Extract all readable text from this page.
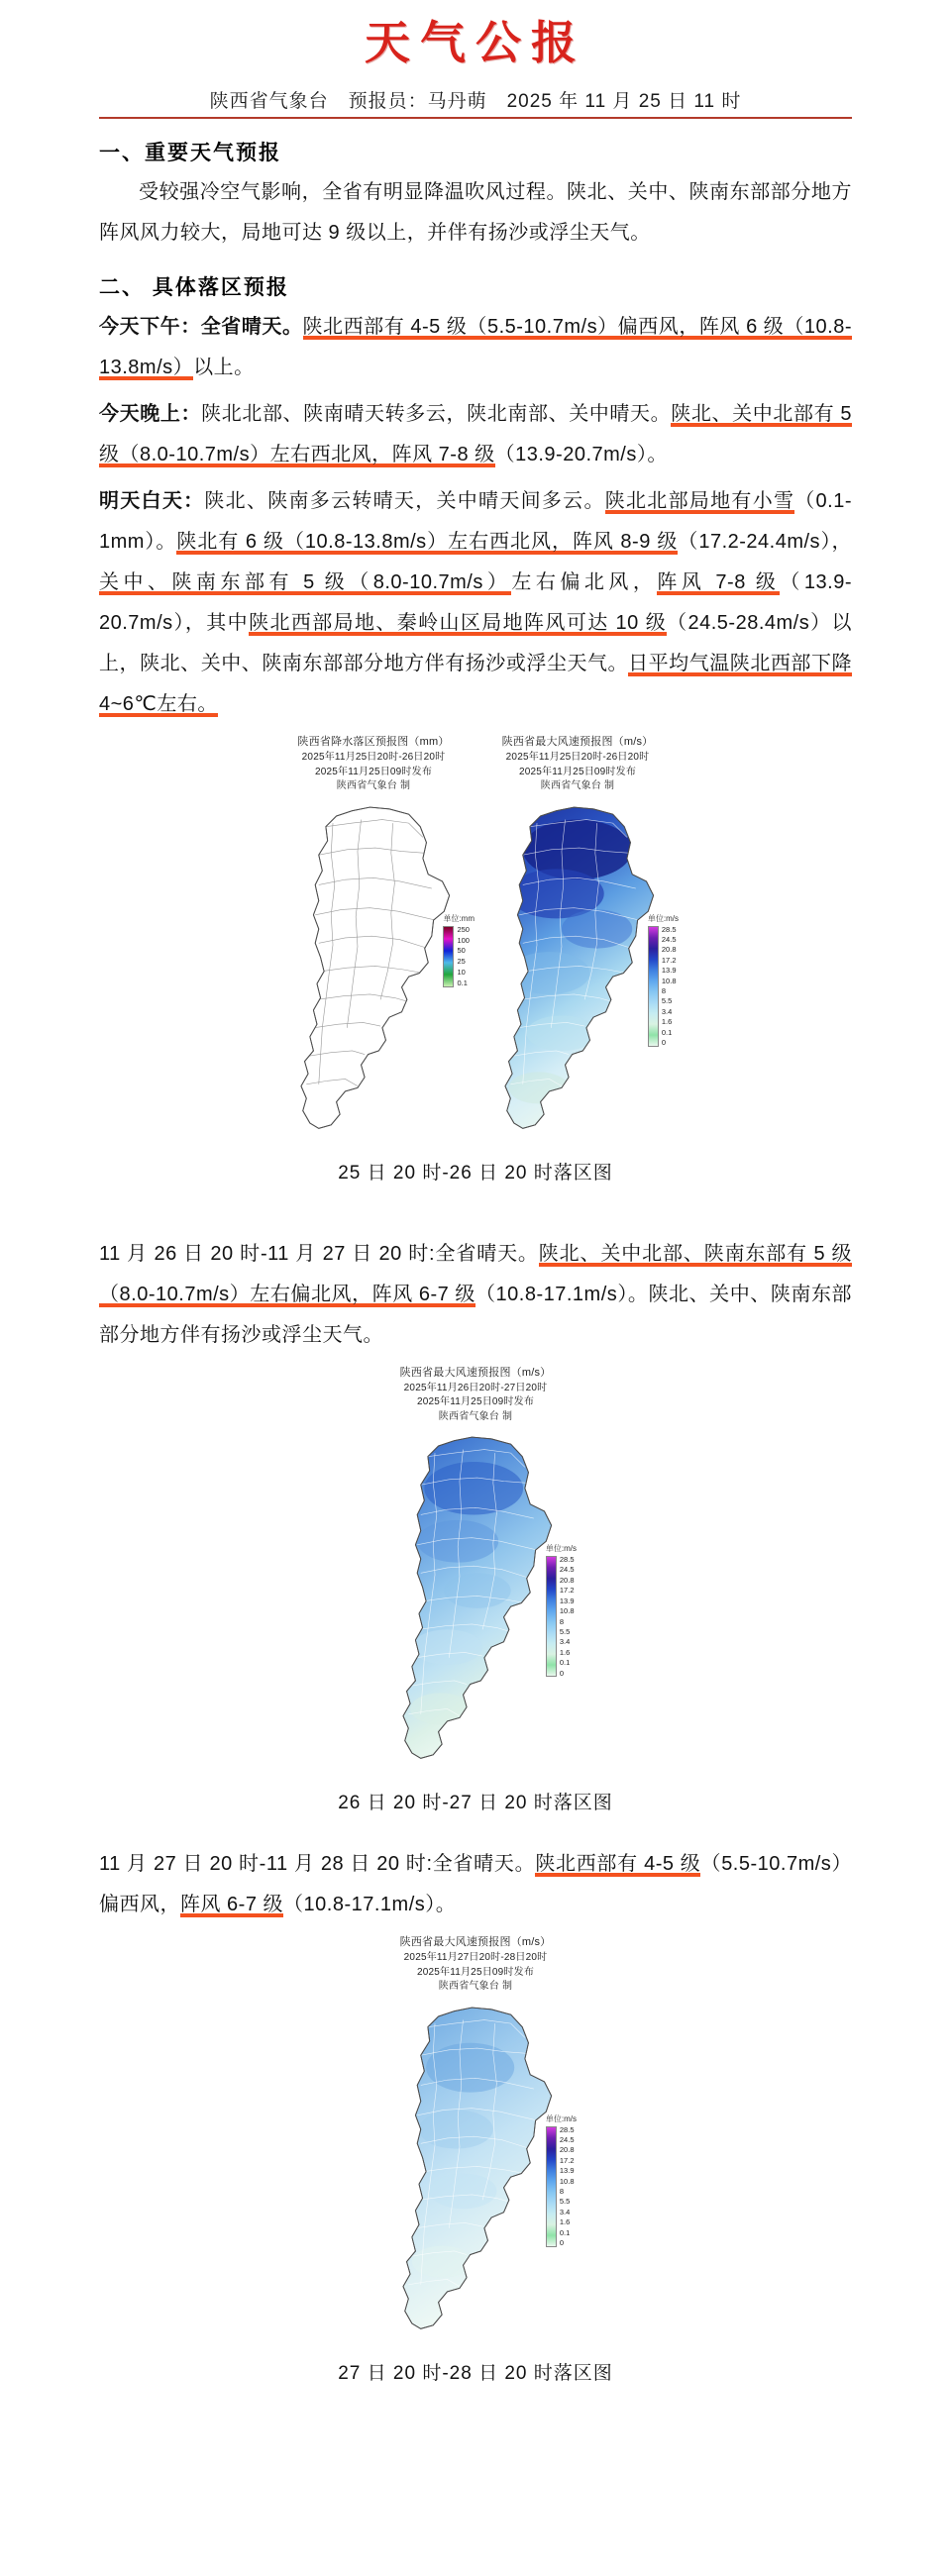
天气公报
陕西省气象台　预报员：马丹萌　2025 年 11 月 25 日 11 时
一、重要天气预报

受较强冷空气影响，全省有明显降温吹风过程。陕北、关中、陕南东部部分地方阵风风力较大，局地可达 9 级以上，并伴有扬沙或浮尘天气。

二、 具体落区预报

今天下午：全省晴天。陕北西部有 4-5 级（5.5-10.7m/s）偏西风，阵风 6 级（10.8-13.8m/s）以上。

今天晚上：陕北北部、陕南晴天转多云，陕北南部、关中晴天。陕北、关中北部有 5 级（8.0-10.7m/s）左右西北风，阵风 7-8 级（13.9-20.7m/s）。

明天白天：陕北、陕南多云转晴天，关中晴天间多云。陕北北部局地有小雪（0.1-1mm）。陕北有 6 级（10.8-13.8m/s）左右西北风，阵风 8-9 级（17.2-24.4m/s），关中、陕南东部有 5 级（8.0-10.7m/s）左右偏北风，阵风 7-8 级（13.9-20.7m/s），其中陕北西部局地、秦岭山区局地阵风可达 10 级（24.5-28.4m/s）以上，陕北、关中、陕南东部部分地方伴有扬沙或浮尘天气。日平均气温陕北西部下降4~6℃左右。

陕西省降水落区预报图（mm）
2025年11月25日20时-26日20时
2025年11月25日09时发布
陕西省气象台 制
单位:mm
250
100
50
25
10
0.1
陕西省最大风速预报图（m/s）
2025年11月25日20时-26日20时
2025年11月25日09时发布
陕西省气象台 制
单位:m/s
28.5
24.5
20.8
17.2
13.9
10.8
8
5.5
3.4
1.6
0.1
0
25 日 20 时-26 日 20 时落区图

11 月 26 日 20 时-11 月 27 日 20 时:全省晴天。陕北、关中北部、陕南东部有 5 级（8.0-10.7m/s）左右偏北风，阵风 6-7 级（10.8-17.1m/s）。陕北、关中、陕南东部部分地方伴有扬沙或浮尘天气。

陕西省最大风速预报图（m/s）
2025年11月26日20时-27日20时
2025年11月25日09时发布
陕西省气象台 制
单位:m/s
28.5
24.5
20.8
17.2
13.9
10.8
8
5.5
3.4
1.6
0.1
0
26 日 20 时-27 日 20 时落区图

11 月 27 日 20 时-11 月 28 日 20 时:全省晴天。陕北西部有 4-5 级（5.5-10.7m/s）偏西风，阵风 6-7 级（10.8-17.1m/s）。

陕西省最大风速预报图（m/s）
2025年11月27日20时-28日20时
2025年11月25日09时发布
陕西省气象台 制
单位:m/s
28.5
24.5
20.8
17.2
13.9
10.8
8
5.5
3.4
1.6
0.1
0
27 日 20 时-28 日 20 时落区图
